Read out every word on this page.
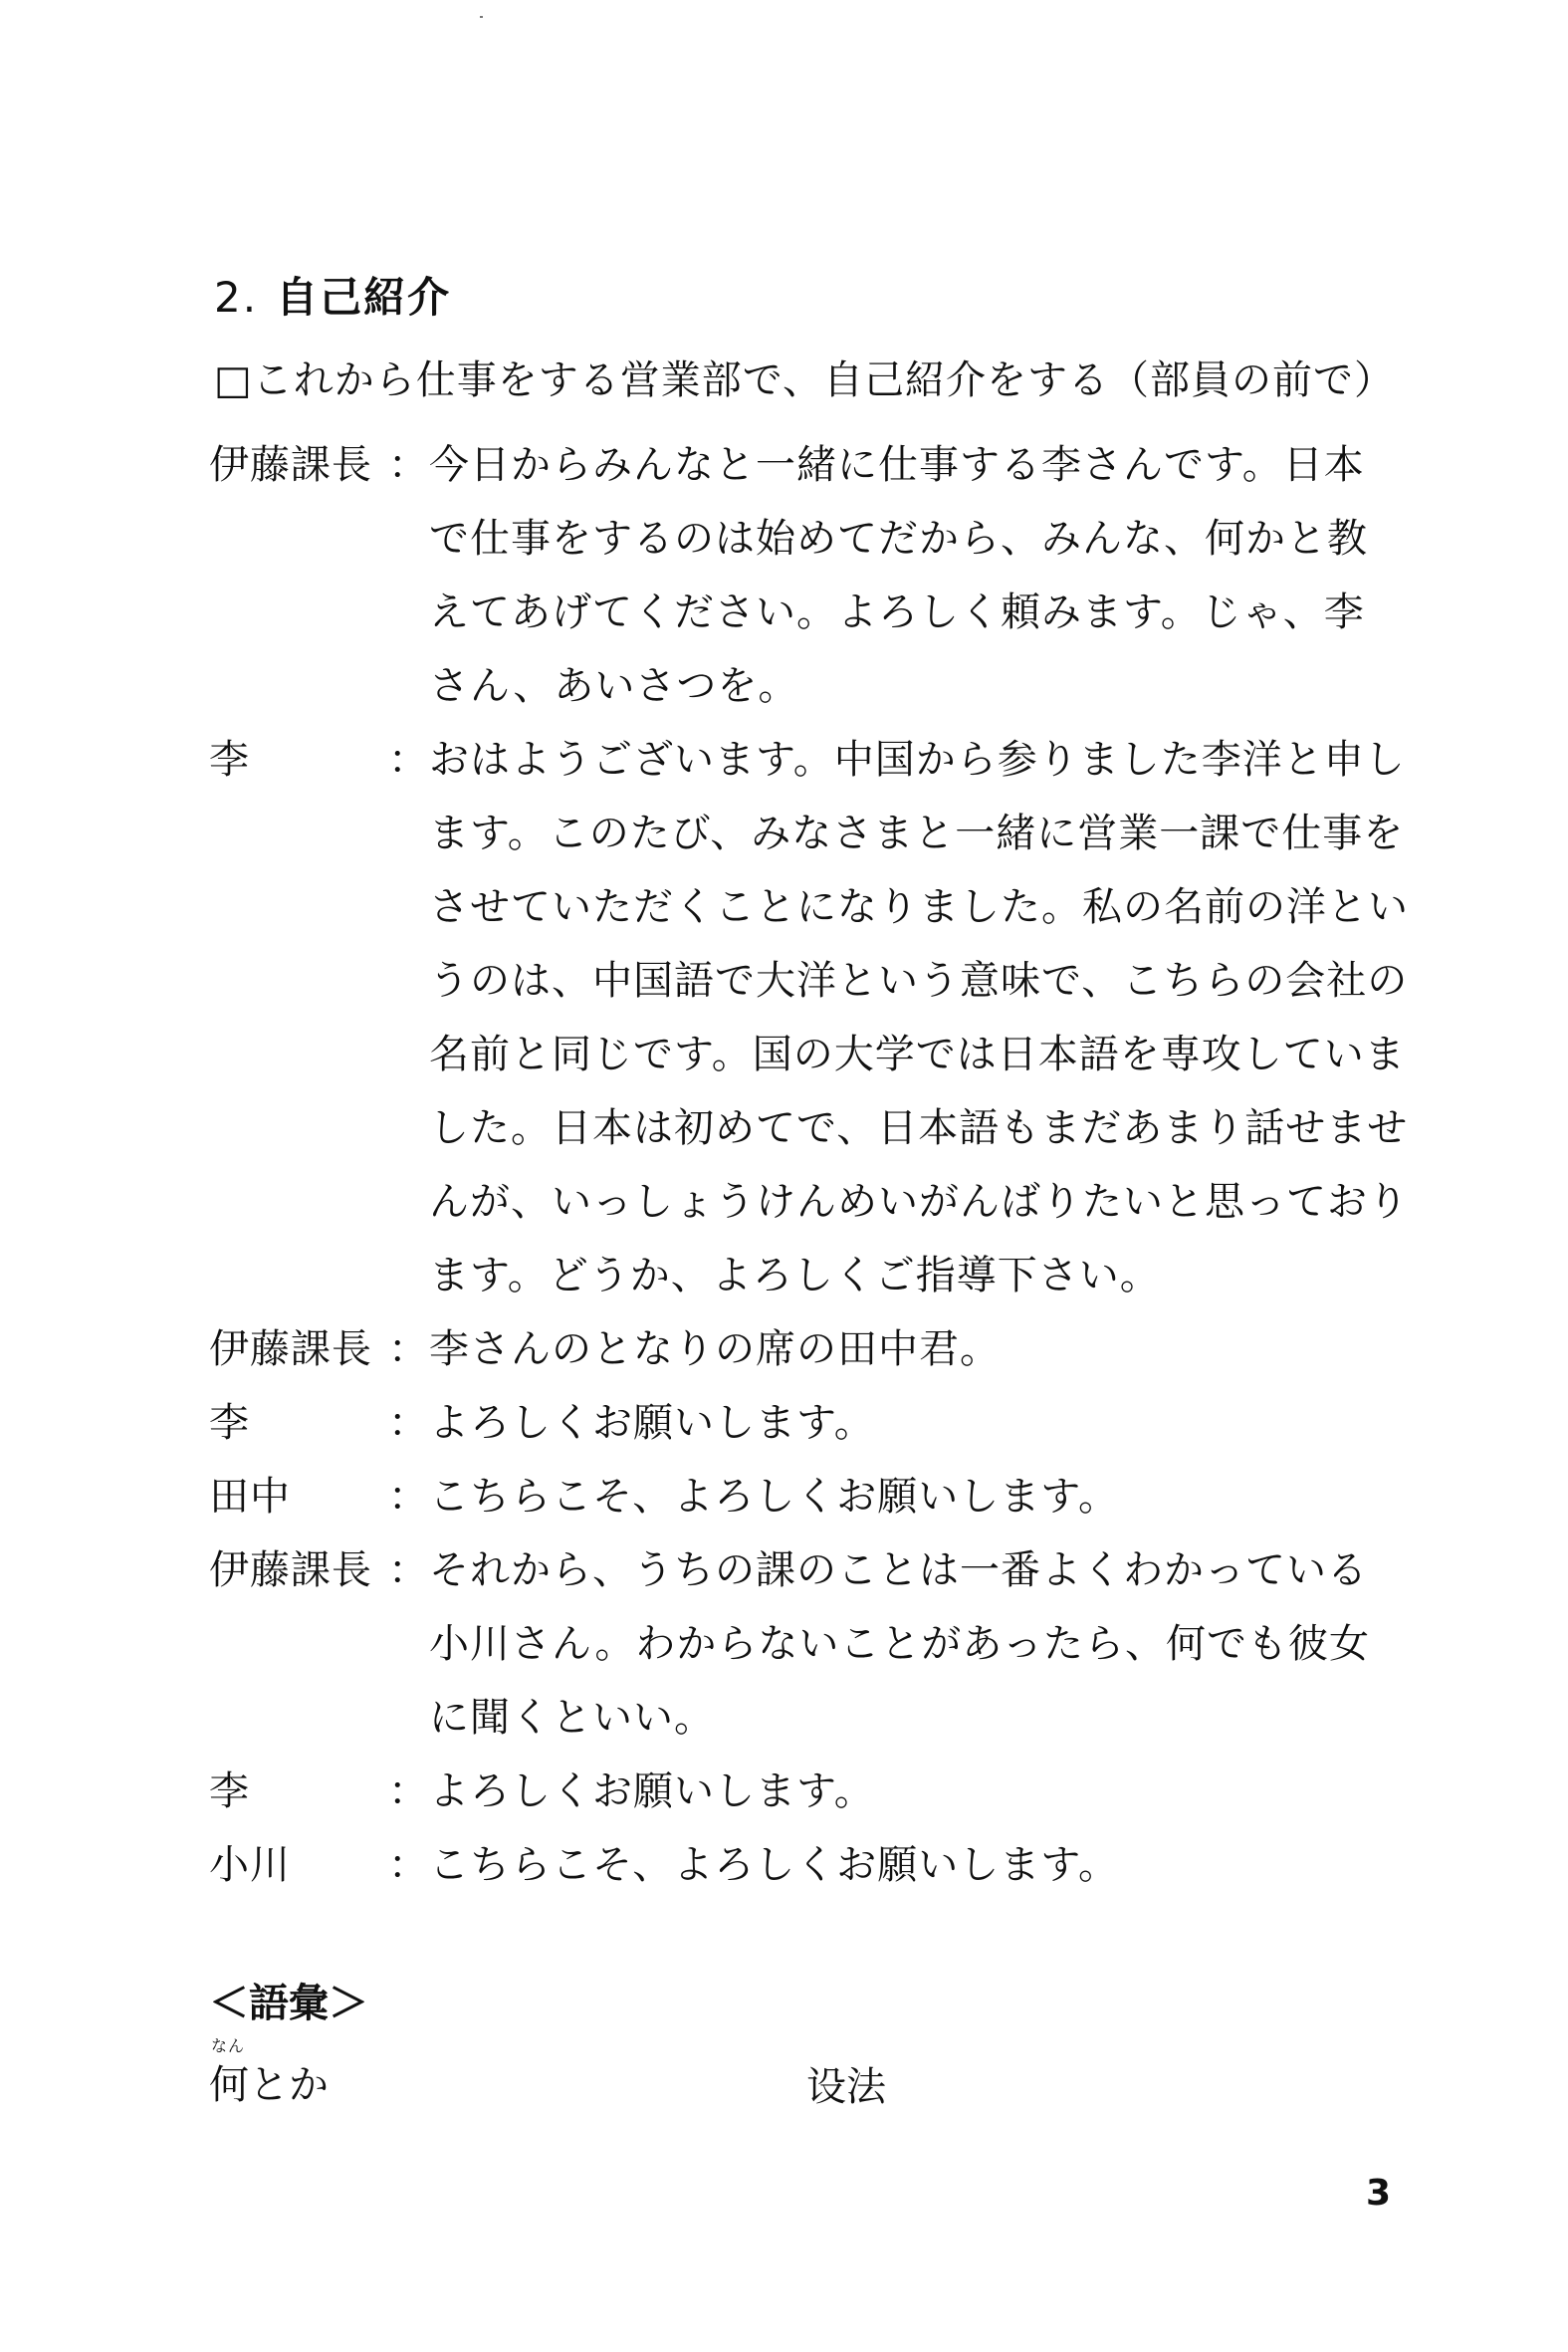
2. 自己紹介
□これから仕事をする営業部で、自己紹介をする（部員の前で）
伊藤課長 ： 今日からみんなと一緒に仕事する李さんです。日本
で仕事をするのは始めてだから、みんな、何かと教
えてあげてください。よろしく頼みます。じゃ、李
さん、あいさつを。
李	： おはようございます。中国から参りました李洋と申し
ます。このたび、みなさまと一緒に営業一課で仕事を
させていただくことになりました。私の名前の洋とい
うのは、中国語で大洋という意味で、こちらの会社の
名前と同じです。国の大学では日本語を専攻していま
した。日本は初めてで、日本語もまだあまり話せませ
んが、いっしょうけんめいがんばりたいと思っており
ます。どうか、よろしくご指導下さい。
伊藤課長 ： 李さんのとなりの席の田中君。
李	： よろしくお願いします。
田中	： こちらこそ、よろしくお願いします。
伊藤課長 ： それから、うちの課のことは一番よくわかっている
小川さん。わからないことがあったら、何でも彼女
に聞くといい。
李	： よろしくお願いします。
小川	： こちらこそ、よろしくお願いします。
＜語彙＞
なん
何とか	设法
3
